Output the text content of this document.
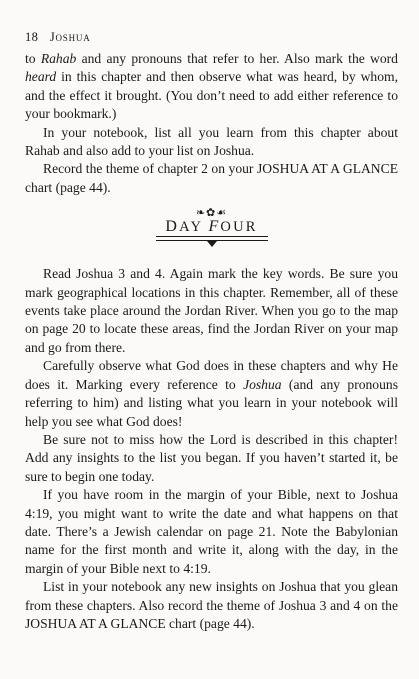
18 Joshua

to Rahab and any pronouns that refer to her. Also mark the word heard in this chapter and then observe what was heard, by whom, and the effect it brought. (You don’t need to add either reference to your bookmark.)

In your notebook, list all you learn from this chapter about Rahab and also add to your list on Joshua.

Record the theme of chapter 2 on your JOSHUA AT A GLANCE chart (page 44).

❧✿☙
DAY FOUR

Read Joshua 3 and 4. Again mark the key words. Be sure you mark geographical locations in this chapter. Remember, all of these events take place around the Jordan River. When you go to the map on page 20 to locate these areas, find the Jordan River on your map and go from there.

Carefully observe what God does in these chapters and why He does it. Marking every reference to Joshua (and any pronouns referring to him) and listing what you learn in your notebook will help you see what God does!

Be sure not to miss how the Lord is described in this chapter! Add any insights to the list you began. If you haven’t started it, be sure to begin one today.

If you have room in the margin of your Bible, next to Joshua 4:19, you might want to write the date and what happens on that date. There’s a Jewish calendar on page 21. Note the Babylonian name for the first month and write it, along with the day, in the margin of your Bible next to 4:19.

List in your notebook any new insights on Joshua that you glean from these chapters. Also record the theme of Joshua 3 and 4 on the JOSHUA AT A GLANCE chart (page 44).
